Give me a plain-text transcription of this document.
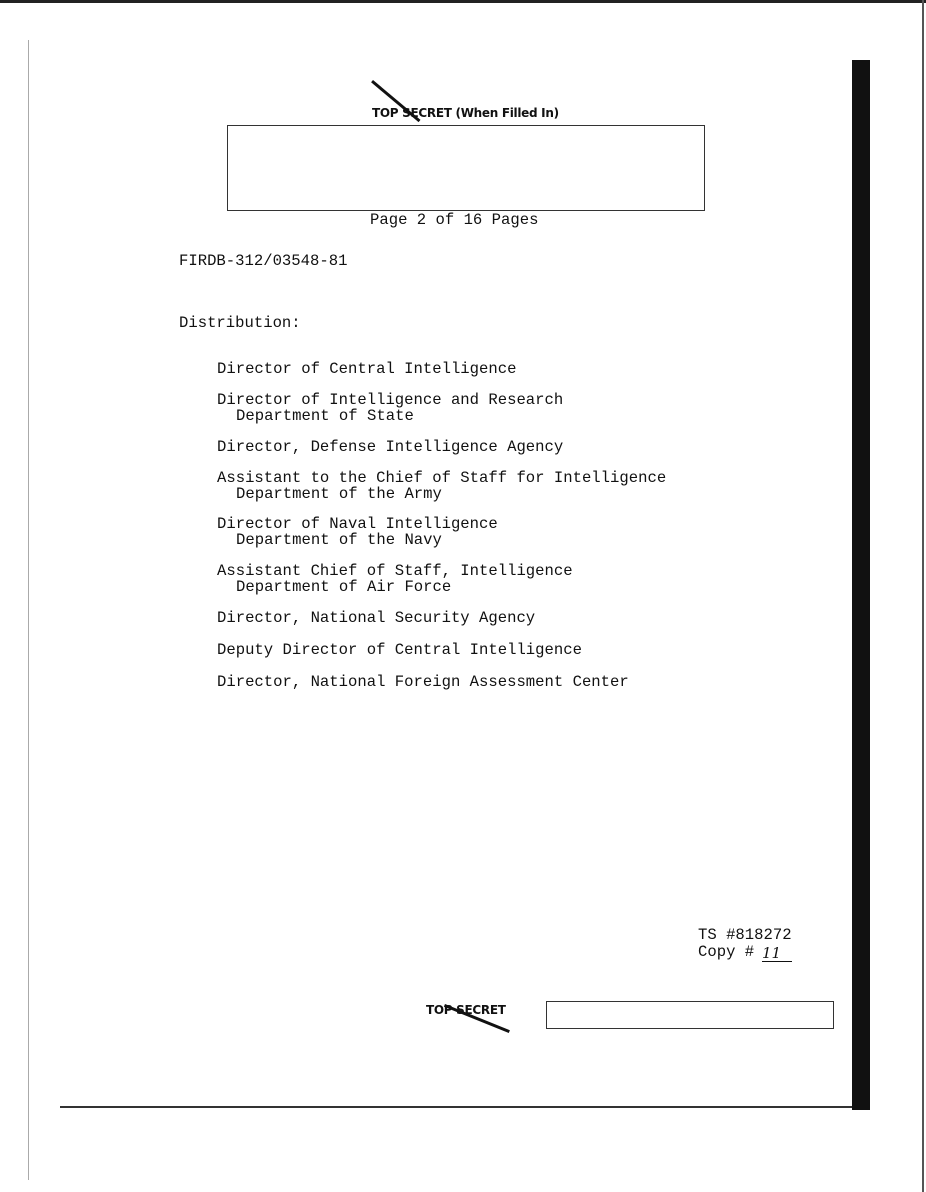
TOP SECRET (When Filled In)
Page 2 of 16 Pages
FIRDB-312/03548-81
Distribution:
Director of Central Intelligence
Director of Intelligence and Research
Department of State
Director, Defense Intelligence Agency
Assistant to the Chief of Staff for Intelligence
Department of the Army
Director of Naval Intelligence
Department of the Navy
Assistant Chief of Staff, Intelligence
Department of Air Force
Director, National Security Agency
Deputy Director of Central Intelligence
Director, National Foreign Assessment Center
TS #818272
Copy # 11
TOP SECRET
